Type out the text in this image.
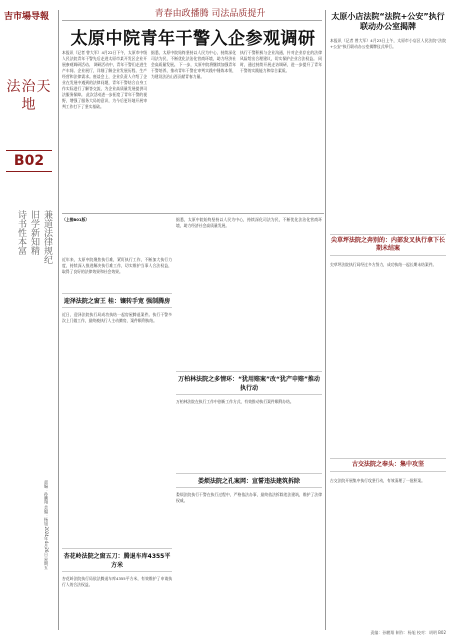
吉市場导報
法治天地
B02
兼道法律规纪
旧学新知精
诗书性本富
责编：孙鹏翔 美编：杨旭 2024年4月26日 星期五
青春由政播腾 司法品质提升
太原中院青年干警入企参观调研
本报讯（记者 曾大军）4月22日下午，太原市中级人民法院青年干警先后走进太原市某开发区企业开展参观调研活动。 调研活动中，青年干警们走进生产车间、企业展厅，详细了解企业发展历程、生产经营和法律需求。座谈会上，企业负责人介绍了企业在发展中遇到的法律问题，青年干警结合自身工作实际进行了解答交流，为企业高质量发展提供司法服务保障。 此次活动进一步拓宽了青年干警的视野，增强了服务大局的意识，为今后更好地开展审判工作打下了坚实基础。
据悉，太原中院始终坚持以人民为中心，持续深化司法为民，不断优化法治化营商环境，助力经济社会高质量发展。 下一步，太原中院将继续加强青年干警培养，推动青年干警在审判实践中锤炼本领，为建设法治山西贡献青春力量。
执行干警积极与企业沟通，针对企业存在的法律风险给出合理建议，切实保护企业合法权益。 同时，通过持续开展走访调研，进一步提升了青年干警的实践能力和综合素质。
（上接B01版）
近年来，太原中院聚焦执行难，紧盯执行工作，不断加大执行力度，持续深入推进解决执行难工作，切实维护当事人合法权益，取得了良好的法律效果和社会效果。
迎泽法院之窗王 桂：镶转手宽 强制腾房
近日，迎泽法院执行局成功执结一起房屋腾退案件。执行干警多次上门做工作，最终被执行人主动腾房，案件顺利执结。
杏花岭法院之窗五刀：腾退车库4355平方米
杏花岭法院执行局依法腾退车库4355平方米，有效维护了申请执行人的合法权益。
据悉，太原中院始终坚持以人民为中心，持续深化司法为民，不断优化法治化营商环境，助力经济社会高质量发展。
万柏林法院之多情环：“犹用赔案”改“犹产申赔”推动执行动
万柏林法院在执行工作中创新工作方式，有效推动执行案件顺利办结。
娄烦法院之孔案网：宣誓违法建筑拆除
娄烦法院执行干警在执行过程中，严格依法办事，最终依法拆除违法建筑，维护了法律权威。
太原小店法院“法院+公安”执行联动办公室揭牌
本报讯（记者 曾大军）4月23日上午，太原市小店区人民法院“法院+公安”执行联动办公室揭牌仪式举行。
尖草坪法院之奔别的：内部发叉执行拿下长期未结案
尖草坪法院执行局经过多方努力，成功执结一起长期未结案件。
古交法院之奉头：集中攻坚
古交法院开展集中执行攻坚行动，有效清理了一批积案。
责编：孙鹏翔 制作：杨旭 校对：胡明 B02
